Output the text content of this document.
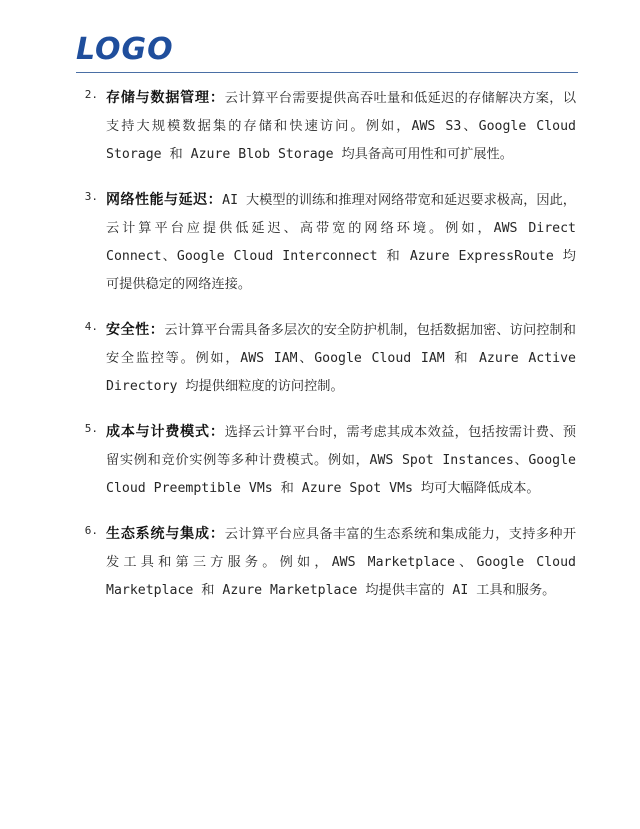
LOGO
2. 存储与数据管理：云计算平台需要提供高吞吐量和低延迟的存储解决方案，以支持大规模数据集的存储和快速访问。例如，AWS S3、Google Cloud Storage 和 Azure Blob Storage 均具备高可用性和可扩展性。
3. 网络性能与延迟：AI 大模型的训练和推理对网络带宽和延迟要求极高，因此，云计算平台应提供低延迟、高带宽的网络环境。例如，AWS Direct Connect、Google Cloud Interconnect 和 Azure ExpressRoute 均可提供稳定的网络连接。
4. 安全性：云计算平台需具备多层次的安全防护机制，包括数据加密、访问控制和安全监控等。例如，AWS IAM、Google Cloud IAM 和 Azure Active Directory 均提供细粒度的访问控制。
5. 成本与计费模式：选择云计算平台时，需考虑其成本效益，包括按需计费、预留实例和竞价实例等多种计费模式。例如，AWS Spot Instances、Google Cloud Preemptible VMs 和 Azure Spot VMs 均可大幅降低成本。
6. 生态系统与集成：云计算平台应具备丰富的生态系统和集成能力，支持多种开发工具和第三方服务。例如，AWS Marketplace、Google Cloud Marketplace 和 Azure Marketplace 均提供丰富的 AI 工具和服务。
